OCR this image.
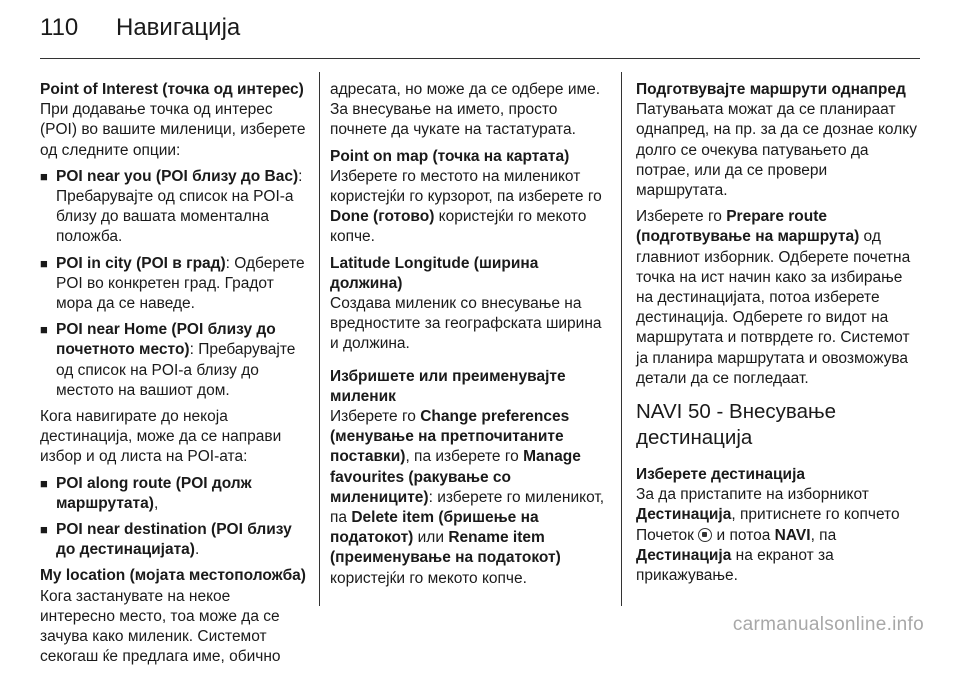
110 Навигација

Point of Interest (точка од интерес)

При додавање точка од интерес (POI) во вашите миленици, изберете од следните опции:

■ POI near you (POI близу до Вас): Пребарувајте од список на POI-а близу до вашата моментална положба.
■ POI in city (POI в град): Одберете POI во конкретен град. Градот мора да се наведе.
■ POI near Home (POI близу до почетното место): Пребарувајте од список на POI-а близу до местото на вашиот дом.

Кога навигирате до некоја дестинација, може да се направи избор и од листа на POI-ата:

■ POI along route (POI долж маршрутата),
■ POI near destination (POI близу до дестинацијата).

My location (мојата местоположба)

Кога застанувате на некое интересно место, тоа може да се зачува како миленик. Системот секогаш ќе предлага име, обично

адресата, но може да се одбере име. За внесување на името, просто почнете да чукате на тастатурата.

Point on map (точка на картата)

Изберете го местото на миленикот користејќи го курзорот, па изберете го Done (готово) користејќи го мекото копче.

Latitude Longitude (ширина должина)

Создава миленик со внесување на вредностите за географската ширина и должина.

Избришете или преименувајте миленик

Изберете го Change preferences (менување на претпочитаните поставки), па изберете го Manage favourites (ракување со милениците): изберете го миленикот, па Delete item (бришење на податокот) или Rename item (преименување на податокот) користејќи го мекото копче.

Подготвувајте маршрути однапред

Патувањата можат да се планираат однапред, на пр. за да се дознае колку долго се очекува патувањето да потрае, или да се провери маршрутата.

Изберете го Prepare route (подготвување на маршрута) од главниот изборник. Одберете почетна точка на ист начин како за избирање на дестинацијата, потоа изберете дестинација. Одберете го видот на маршрутата и потврдете го. Системот ја планира маршрутата и овозможува детали да се погледаат.

NAVI 50 - Внесување дестинација

Изберете дестинација

За да пристапите на изборникот Дестинација, притиснете го копчето Почеток  и потоа NAVI, па Дестинација на екранот за прикажување.

carmanualsonline.info
